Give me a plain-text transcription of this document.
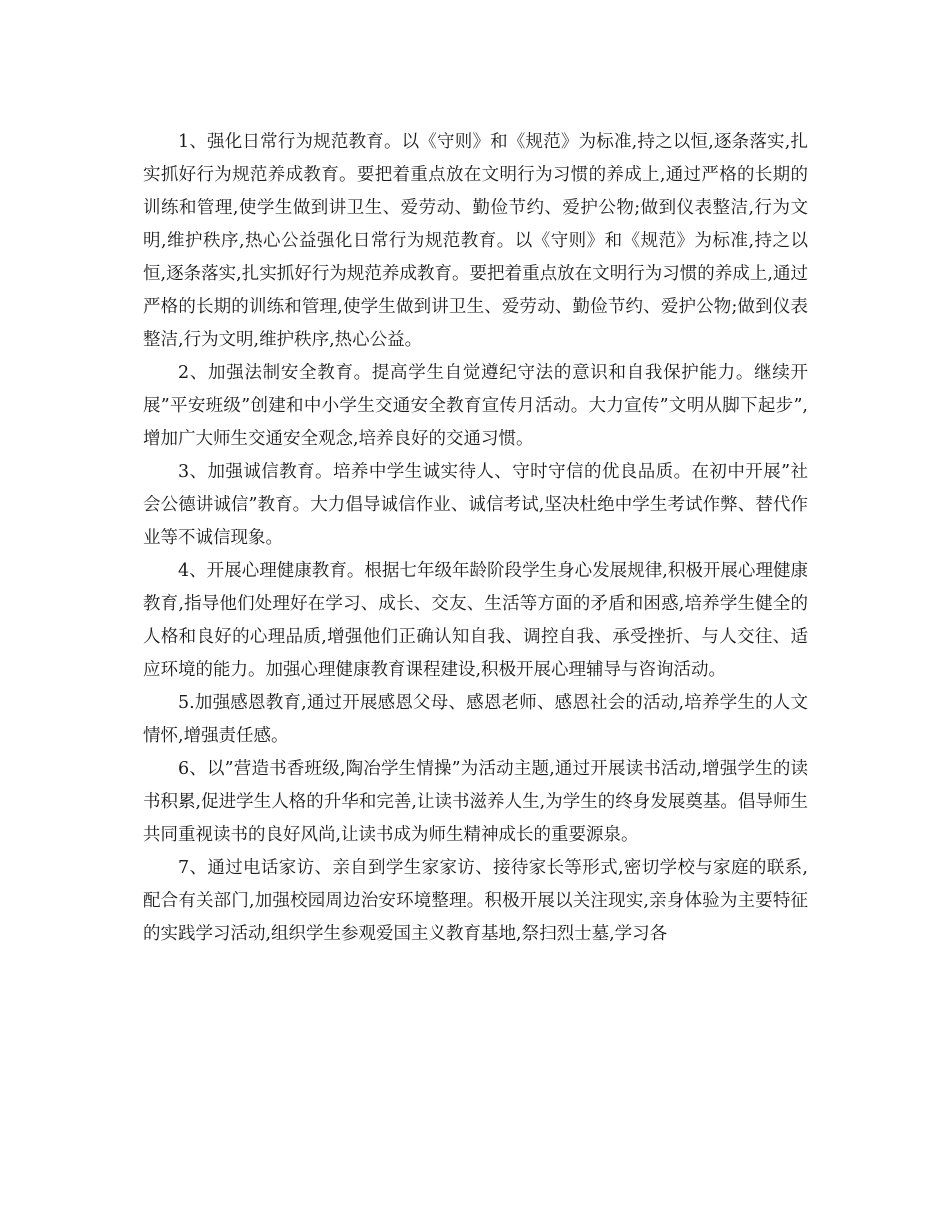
1、强化日常行为规范教育。以《守则》和《规范》为标准,持之以恒,逐条落实,扎实抓好行为规范养成教育。要把着重点放在文明行为习惯的养成上,通过严格的长期的训练和管理,使学生做到讲卫生、爱劳动、勤俭节约、爱护公物;做到仪表整洁,行为文明,维护秩序,热心公益强化日常行为规范教育。以《守则》和《规范》为标准,持之以恒,逐条落实,扎实抓好行为规范养成教育。要把着重点放在文明行为习惯的养成上,通过严格的长期的训练和管理,使学生做到讲卫生、爱劳动、勤俭节约、爱护公物;做到仪表整洁,行为文明,维护秩序,热心公益。

2、加强法制安全教育。提高学生自觉遵纪守法的意识和自我保护能力。继续开展”平安班级”创建和中小学生交通安全教育宣传月活动。大力宣传”文明从脚下起步”,增加广大师生交通安全观念,培养良好的交通习惯。

3、加强诚信教育。培养中学生诚实待人、守时守信的优良品质。在初中开展”社会公德讲诚信”教育。大力倡导诚信作业、诚信考试,坚决杜绝中学生考试作弊、替代作业等不诚信现象。

4、开展心理健康教育。根据七年级年龄阶段学生身心发展规律,积极开展心理健康教育,指导他们处理好在学习、成长、交友、生活等方面的矛盾和困惑,培养学生健全的人格和良好的心理品质,增强他们正确认知自我、调控自我、承受挫折、与人交往、适应环境的能力。加强心理健康教育课程建设,积极开展心理辅导与咨询活动。

5.加强感恩教育,通过开展感恩父母、感恩老师、感恩社会的活动,培养学生的人文情怀,增强责任感。

6、以”营造书香班级,陶冶学生情操”为活动主题,通过开展读书活动,增强学生的读书积累,促进学生人格的升华和完善,让读书滋养人生,为学生的终身发展奠基。倡导师生共同重视读书的良好风尚,让读书成为师生精神成长的重要源泉。

7、通过电话家访、亲自到学生家家访、接待家长等形式,密切学校与家庭的联系,配合有关部门,加强校园周边治安环境整理。积极开展以关注现实,亲身体验为主要特征的实践学习活动,组织学生参观爱国主义教育基地,祭扫烈士墓,学习各
